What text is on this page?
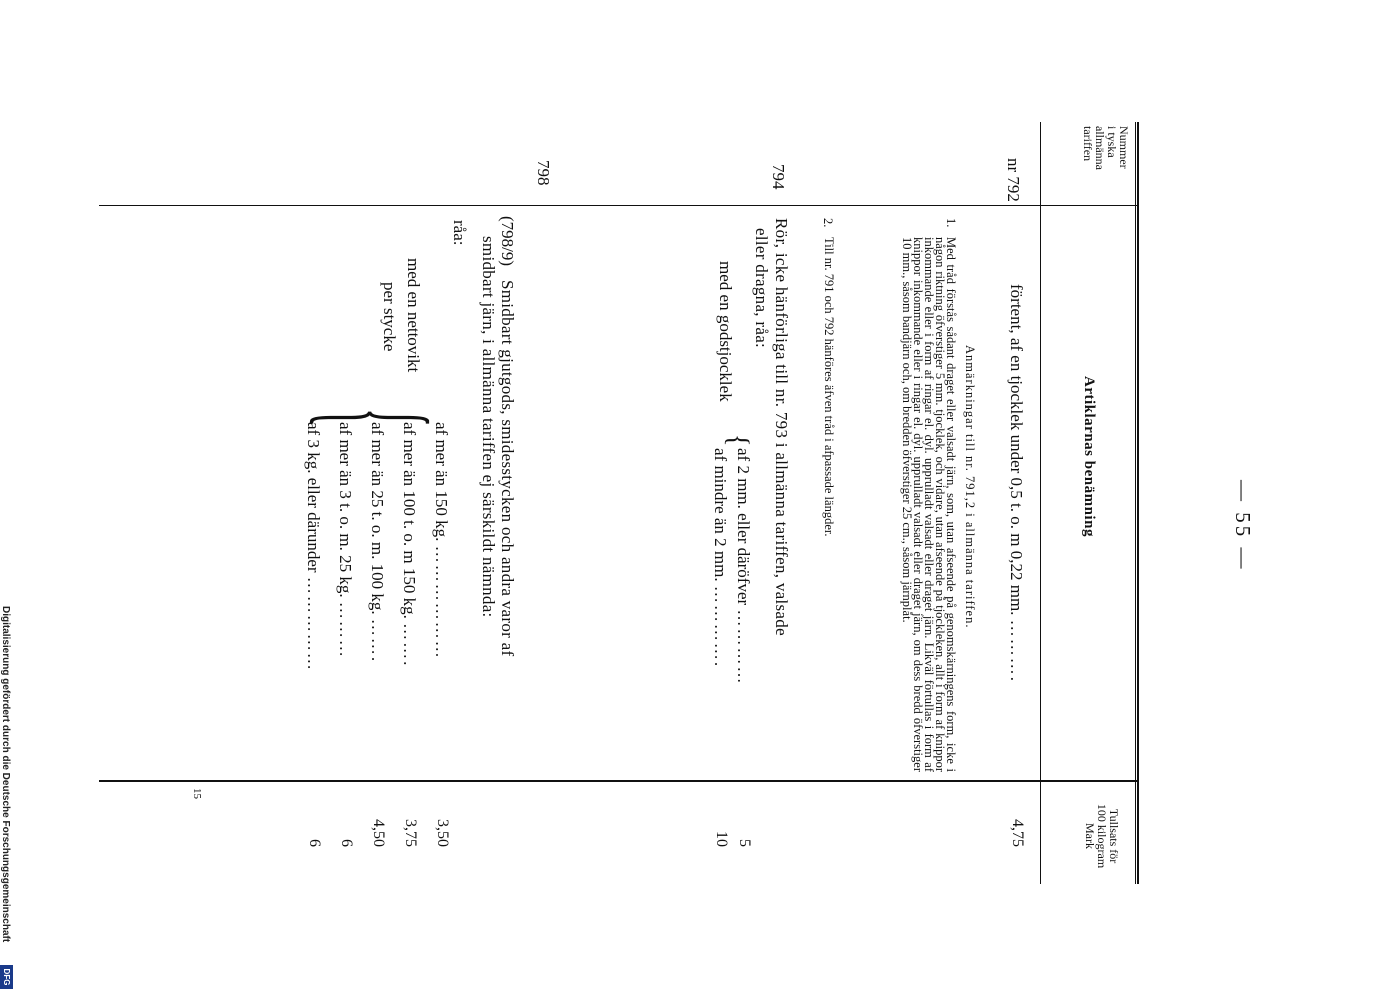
— 55 —
Nummer
i tyska
allmänna
tariffen
Artiklarnas benämning
Tullsats för
100 kilogram
Mark
nr 792
förtent, af en tjocklek under 0,5 t. o. m 0,22 mm. ……….
4,75
Anmärkningar till nr. 791,2 i allmänna tariffen.
1.
Med tråd förstås sådant draget eller valsadt järn, som, utan afseende på genomskärningens form, icke i någon riktning öfverstiger 5 mm. tjocklek, och vidare, utan afseende på tjockleken, allt i form af knippor inkommande eller i form af ringar el. dyl. upprulladt valsadt eller draget järn. Likväl förtullas i form af knippor inkommande eller i ringar el. dyl. upprulladt valsadt eller draget järn, om dess bredd öfverstiger 10 mm., såsom bandjärn och, om bredden öfverstiger 25 cm., såsom järnplåt.
2.
Till nr. 791 och 792 hänföres äfven tråd i afpassade längder.
794
Rör, icke hänförliga till nr. 793 i allmänna tariffen, valsade
eller dragna, råa:
med en godstjocklek
{
af 2 mm. eller däröfver …………
af mindre än 2 mm. ………….
5
10
798
(798/9)
Smidbart gjutgods, smidesstycken och andra varor af
smidbart järn, i allmänna tariffen ej särskildt nämnda:
råa:
med en nettovikt
per stycke
{
af mer än 150 kg. ………………
af mer än 100 t. o. m 150 kg. …….
af mer än 25 t. o. m. 100 kg. …….
af mer än 3 t. o. m. 25 kg. ………
af 3 kg. eller därunder ……………
3,50
3,75
4,50
6
6
15
Digitalisierung gefördert durch die Deutsche Forschungsgemeinschaft
DFG
